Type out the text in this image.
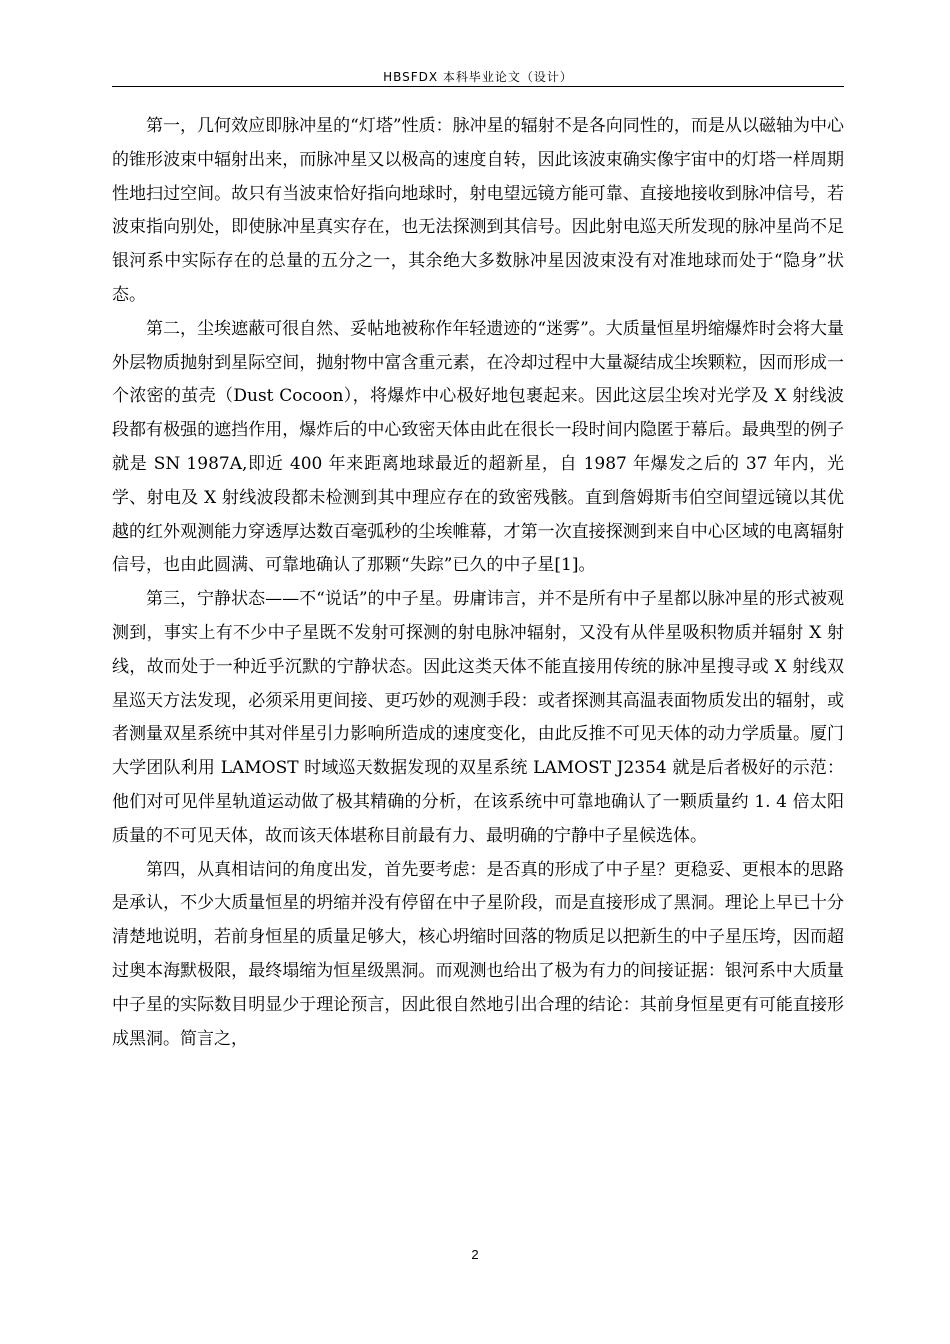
HBSFDX 本科毕业论文（设计）

第一，几何效应即脉冲星的“灯塔”性质：脉冲星的辐射不是各向同性的，而是从以磁轴为中心的锥形波束中辐射出来，而脉冲星又以极高的速度自转，因此该波束确实像宇宙中的灯塔一样周期性地扫过空间。故只有当波束恰好指向地球时，射电望远镜方能可靠、直接地接收到脉冲信号，若波束指向别处，即使脉冲星真实存在，也无法探测到其信号。因此射电巡天所发现的脉冲星尚不足银河系中实际存在的总量的五分之一，其余绝大多数脉冲星因波束没有对准地球而处于“隐身”状态。

第二，尘埃遮蔽可很自然、妥帖地被称作年轻遗迹的“迷雾”。大质量恒星坍缩爆炸时会将大量外层物质抛射到星际空间，抛射物中富含重元素，在冷却过程中大量凝结成尘埃颗粒，因而形成一个浓密的茧壳（Dust Cocoon），将爆炸中心极好地包裹起来。因此这层尘埃对光学及 X 射线波段都有极强的遮挡作用，爆炸后的中心致密天体由此在很长一段时间内隐匿于幕后。最典型的例子就是 SN 1987A,即近 400 年来距离地球最近的超新星，自 1987 年爆发之后的 37 年内，光学、射电及 X 射线波段都未检测到其中理应存在的致密残骸。直到詹姆斯韦伯空间望远镜以其优越的红外观测能力穿透厚达数百毫弧秒的尘埃帷幕，才第一次直接探测到来自中心区域的电离辐射信号，也由此圆满、可靠地确认了那颗“失踪”已久的中子星[1]。

第三，宁静状态——不“说话”的中子星。毋庸讳言，并不是所有中子星都以脉冲星的形式被观测到，事实上有不少中子星既不发射可探测的射电脉冲辐射，又没有从伴星吸积物质并辐射 X 射线，故而处于一种近乎沉默的宁静状态。因此这类天体不能直接用传统的脉冲星搜寻或 X 射线双星巡天方法发现，必须采用更间接、更巧妙的观测手段：或者探测其高温表面物质发出的辐射，或者测量双星系统中其对伴星引力影响所造成的速度变化，由此反推不可见天体的动力学质量。厦门大学团队利用 LAMOST 时域巡天数据发现的双星系统 LAMOST J2354 就是后者极好的示范：他们对可见伴星轨道运动做了极其精确的分析，在该系统中可靠地确认了一颗质量约 1. 4 倍太阳质量的不可见天体，故而该天体堪称目前最有力、最明确的宁静中子星候选体。

第四，从真相诘问的角度出发，首先要考虑：是否真的形成了中子星？更稳妥、更根本的思路是承认，不少大质量恒星的坍缩并没有停留在中子星阶段，而是直接形成了黑洞。理论上早已十分清楚地说明，若前身恒星的质量足够大，核心坍缩时回落的物质足以把新生的中子星压垮，因而超过奥本海默极限，最终塌缩为恒星级黑洞。而观测也给出了极为有力的间接证据：银河系中大质量中子星的实际数目明显少于理论预言，因此很自然地引出合理的结论：其前身恒星更有可能直接形成黑洞。简言之，

2
